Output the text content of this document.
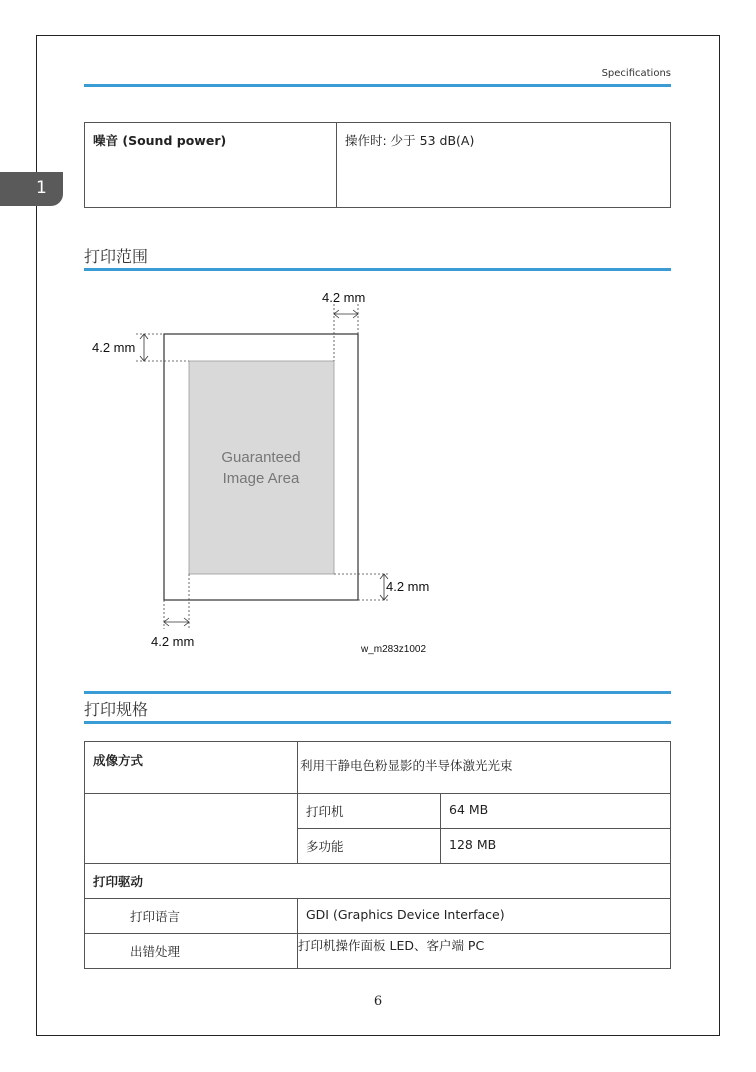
1
Specifications
噪音 (Sound power)	操作时: 少于 53 dB(A)
打印范围
Guaranteed
Image Area
4.2 mm
4.2 mm
4.2 mm
4.2 mm
w_m283z1002
打印规格
成像方式	利用干静电色粉显影的半导体激光光束	

	打印机	64 MB

	多功能	128 MB

打印驱动		

打印语言	GDI (Graphics Device Interface)	

出错处理	打印机操作面板 LED、客户端 PC	
6
